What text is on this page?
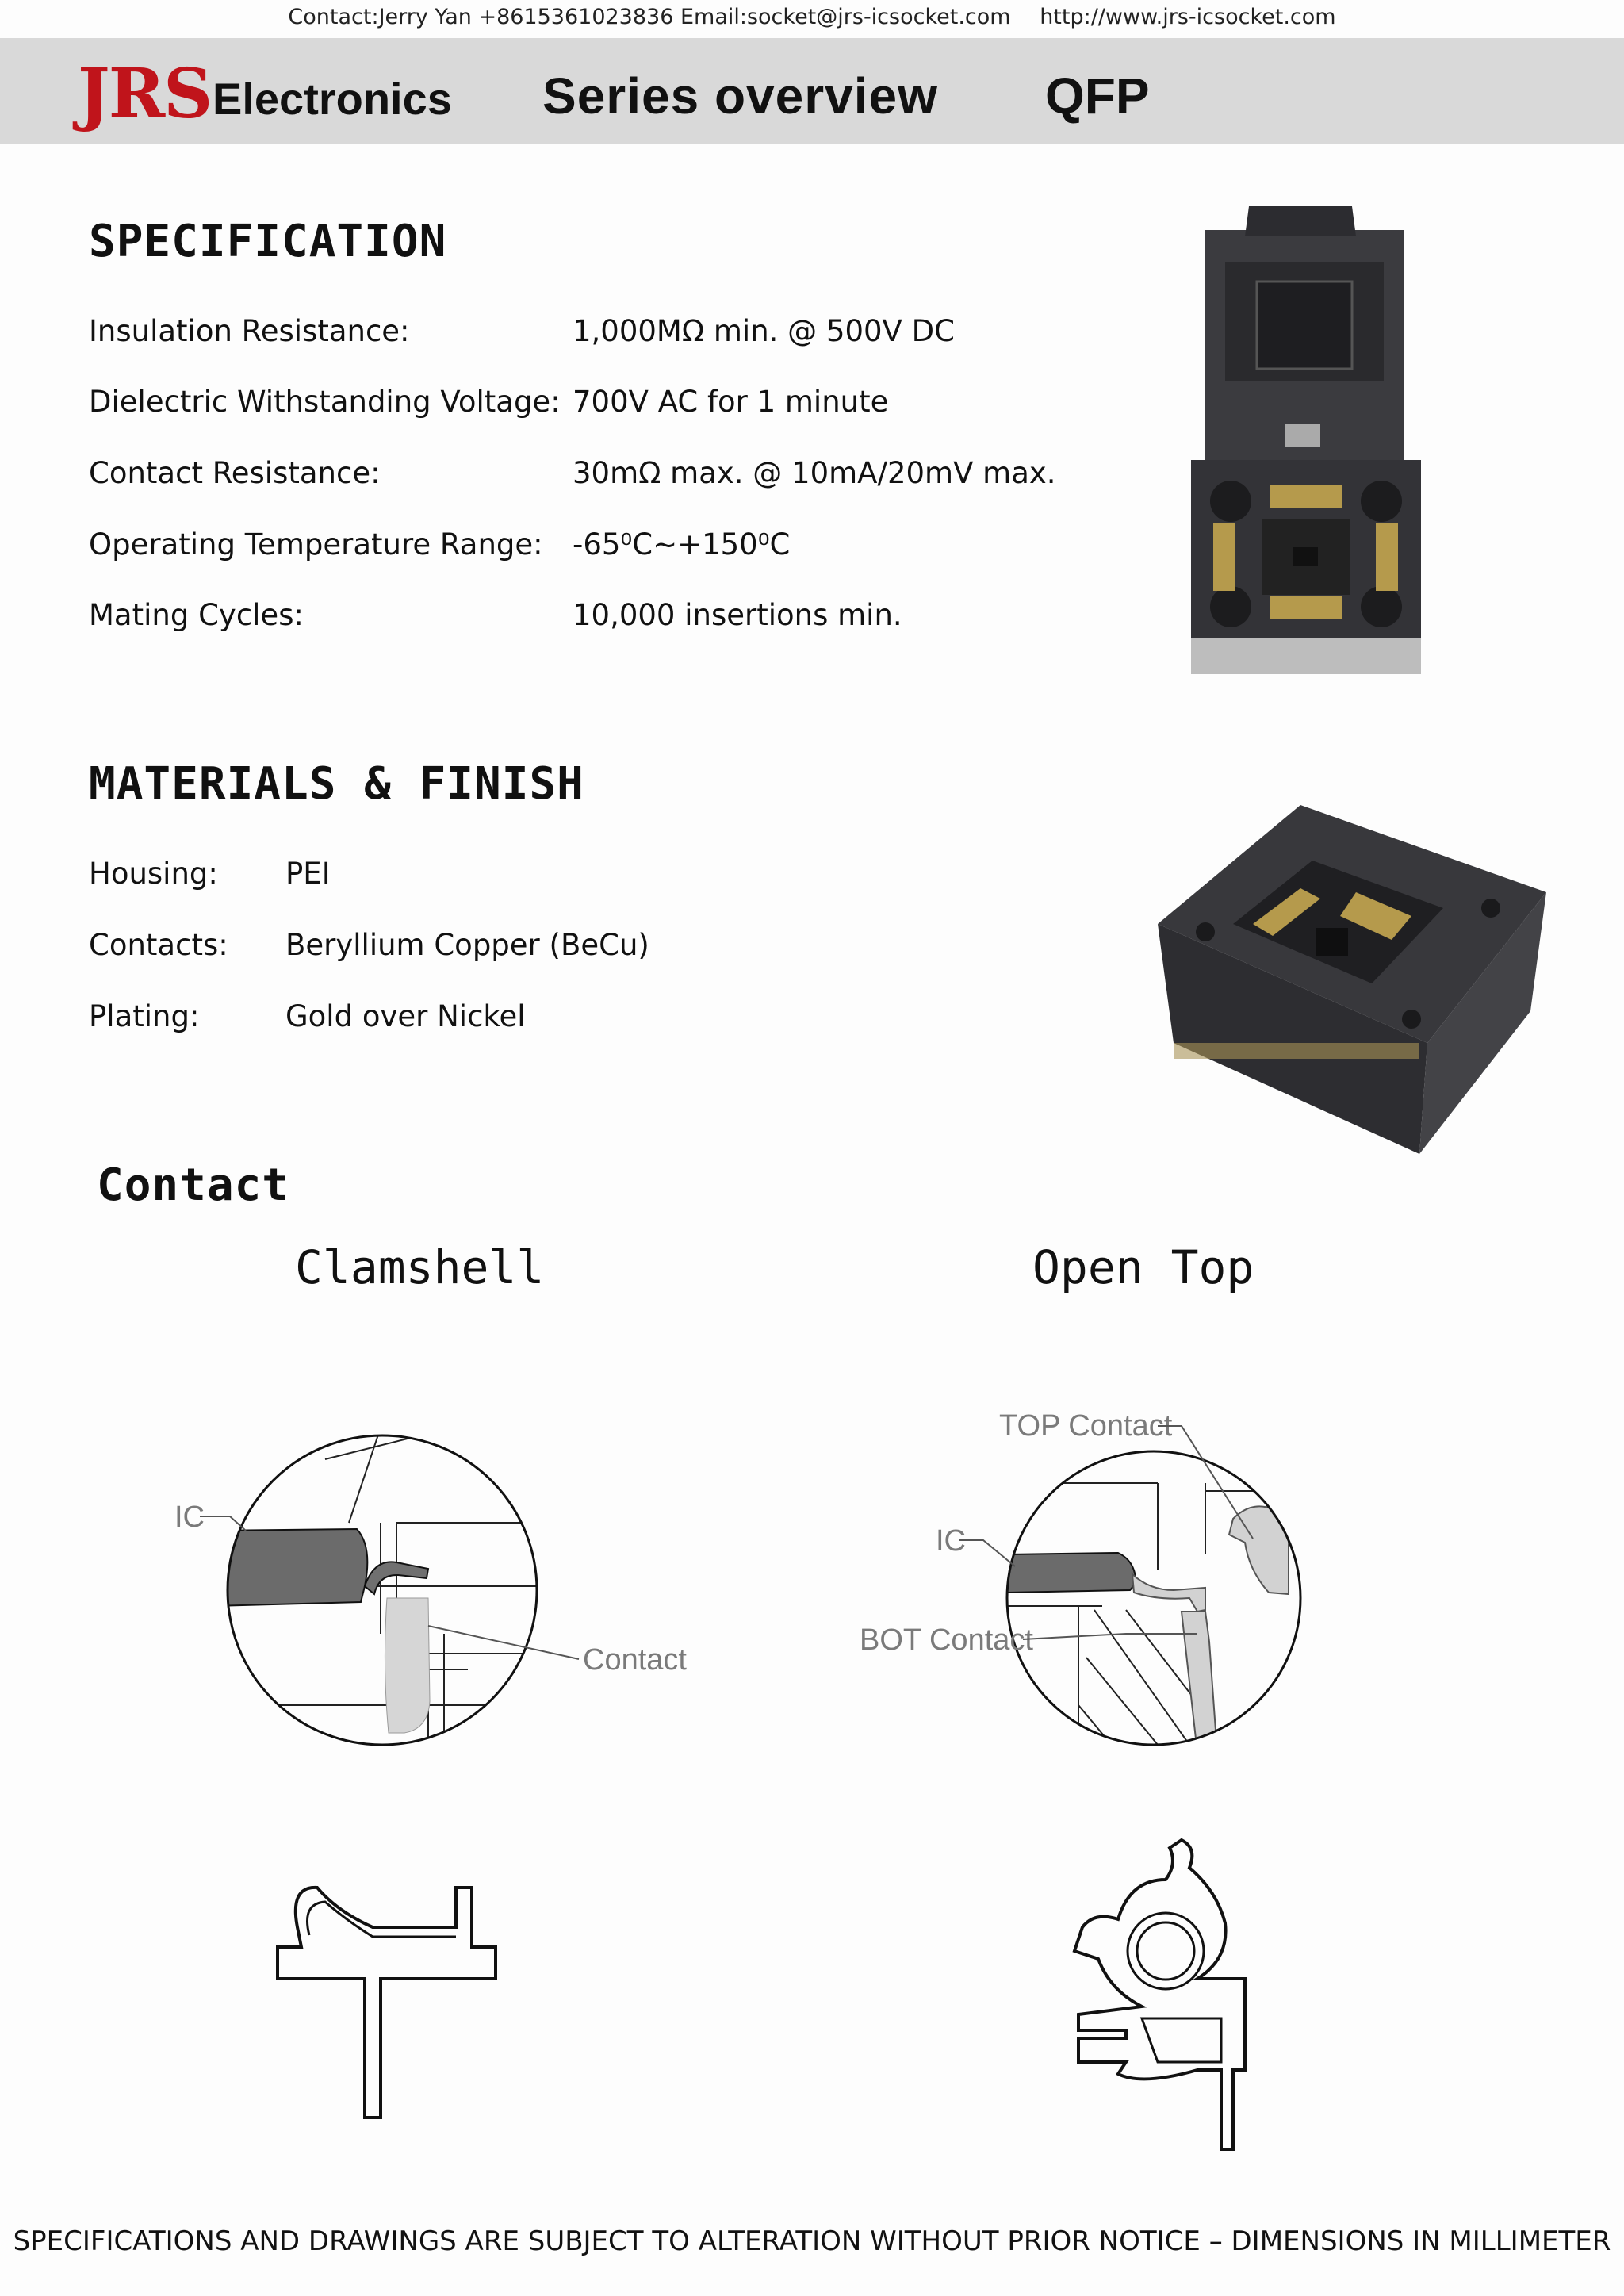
Contact:Jerry Yan +8615361023836 Email:socket@jrs-icsocket.com http://www.jrs-icsocket.com
JRS Electronics Series overview QFP
SPECIFICATION
Insulation Resistance:	1,000MΩ min. @ 500V DC
Dielectric Withstanding Voltage: 700V AC for 1 minute
Contact Resistance:	30mΩ max. @ 10mA/20mV max.
Operating Temperature Range: -65⁰C~+150⁰C
Mating Cycles:	10,000 insertions min.
MATERIALS & FINISH
Housing: PEI
Contacts: Beryllium Copper (BeCu)
Plating:	Gold over Nickel
Contact
Clamshell	Open Top
IC
Contact
TOP Contact
IC
BOT Contact
SPECIFICATIONS AND DRAWINGS ARE SUBJECT TO ALTERATION WITHOUT PRIOR NOTICE – DIMENSIONS IN MILLIMETER
